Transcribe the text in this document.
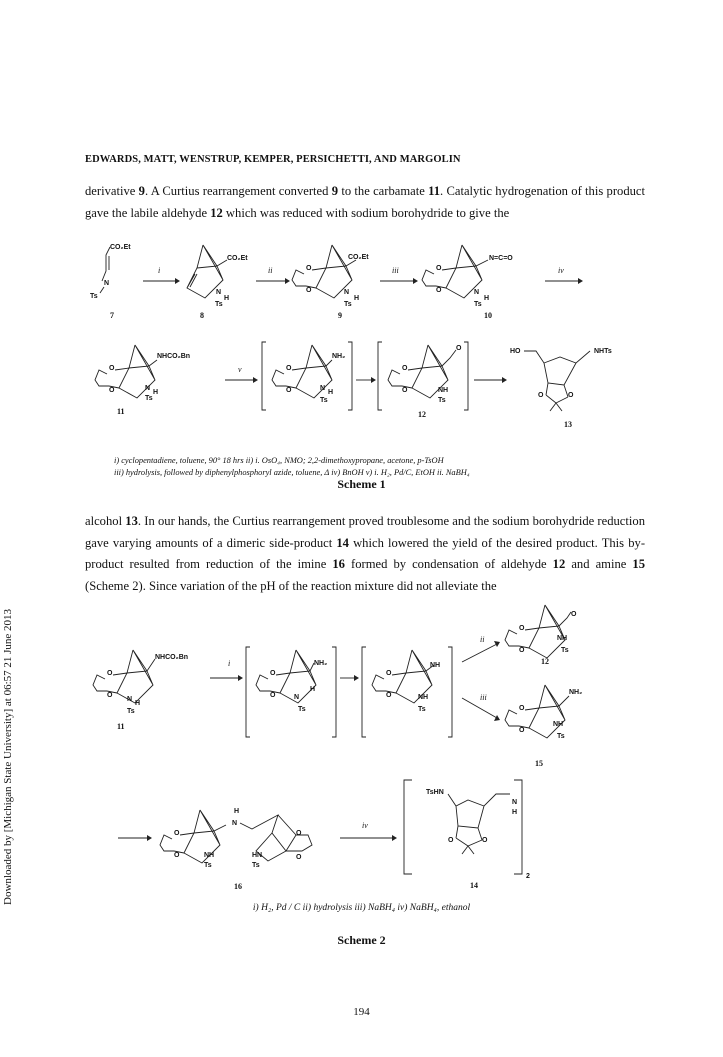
Downloaded by [Michigan State University] at 06:57 21 June 2013
EDWARDS, MATT, WENSTRUP, KEMPER, PERSICHETTI, AND MARGOLIN

derivative 9. A Curtius rearrangement converted 9 to the carbamate 11. Catalytic hydrogenation of this product gave the labile aldehyde 12 which was reduced with sodium borohydride to give the

CO₂Et
N
Ts
7
i
CO₂Et
N
H
Ts
8
ii	O
O
CO₂Et
N
H
Ts
9
iii	O
O
N=C=O
N
H
Ts
10
iv
O
O
NHCO₂Bn
N
H
Ts
11
v	O
O
NH₂
N
H
Ts
O
O
O
NH
Ts
12
HO	NHTs
O	O
13
i) cyclopentadiene, toluene, 90° 18 hrs ii) i. OsO₄, NMO; 2,2-dimethoxypropane, acetone, p-TsOH
iii) hydrolysis, followed by diphenylphosphoryl azide, toluene, Δ iv) BnOH v) i. H₂, Pd/C, EtOH ii. NaBH₄
Scheme 1

alcohol 13. In our hands, the Curtius rearrangement proved troublesome and the sodium borohydride reduction gave varying amounts of a dimeric side-product 14 which lowered the yield of the desired product. This by-product resulted from reduction of the imine 16 formed by condensation of aldehyde 12 and amine 15 (Scheme 2). Since variation of the pH of the reaction mixture did not alleviate the

O
O
NHCO₂Bn
N
H
Ts
11
i
O
O
NH₂
N
H
Ts
O
O
NH
NH
Ts
ii
iii
O
O
O
NH
Ts
12
O
O
NH₂
NH
Ts
15
O
O	NH
Ts
H
N
HN
Ts
O
O
16
iv
TsHN
O	O
N
H
2
14
i) H₂, Pd / C ii) hydrolysis iii) NaBH₄ iv) NaBH₄, ethanol
Scheme 2
194
